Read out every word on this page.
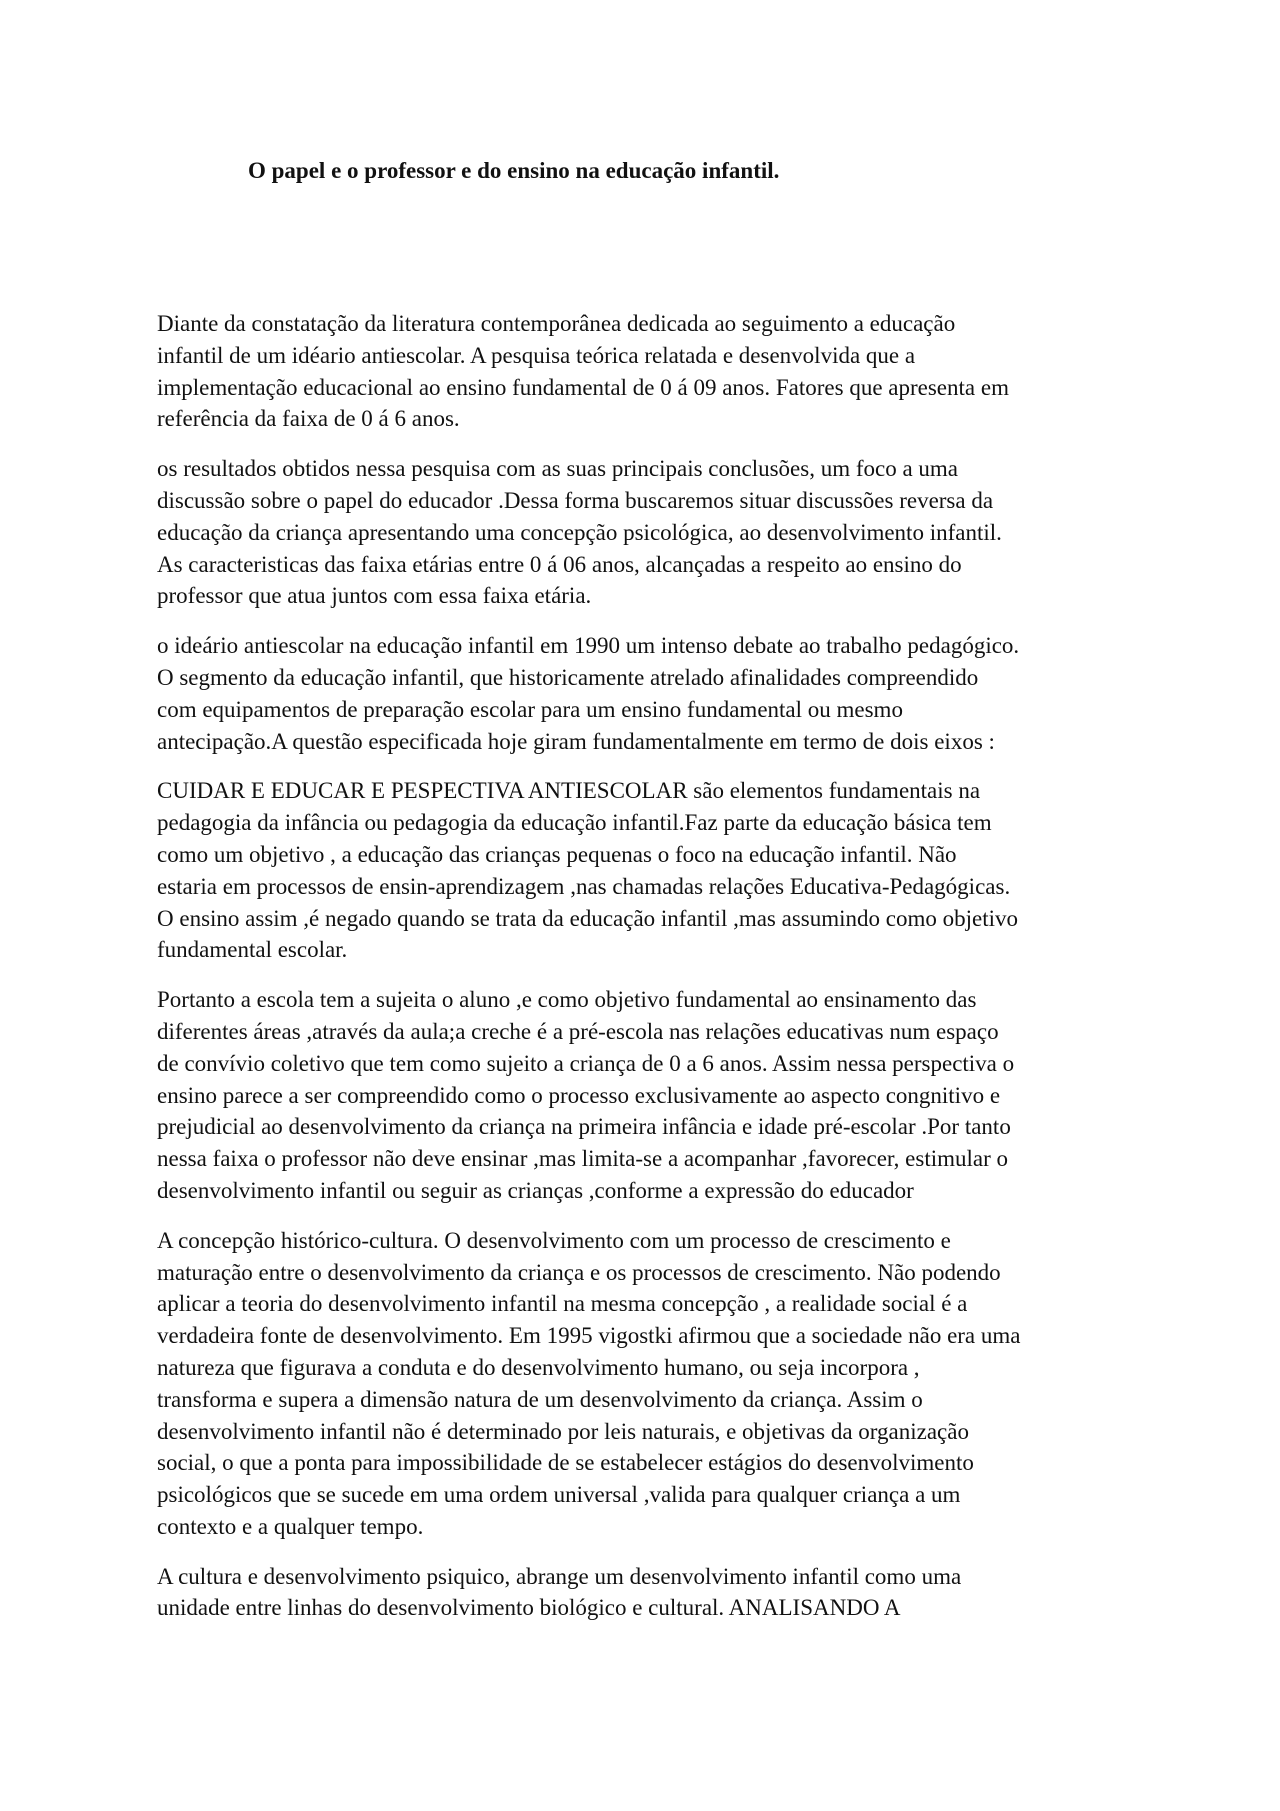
O papel e o professor e do ensino na educação infantil.

Diante da constatação da literatura contemporânea dedicada ao seguimento a educação
infantil de um idéario antiescolar. A pesquisa teórica relatada e desenvolvida que a
implementação educacional ao ensino fundamental de 0 á 09 anos. Fatores que apresenta em
referência da faixa de 0 á 6 anos.

os resultados obtidos nessa pesquisa com as suas principais conclusões, um foco a uma
discussão sobre o papel do educador .Dessa forma buscaremos situar discussões reversa da
educação da criança apresentando uma concepção psicológica, ao desenvolvimento infantil.
As caracteristicas das faixa etárias entre 0 á 06 anos, alcançadas a respeito ao ensino do
professor que atua juntos com essa faixa etária.

o ideário antiescolar na educação infantil em 1990 um intenso debate ao trabalho pedagógico.
O segmento da educação infantil, que historicamente atrelado afinalidades compreendido
com equipamentos de preparação escolar para um ensino fundamental ou mesmo
antecipação.A questão especificada hoje giram fundamentalmente em termo de dois eixos :

CUIDAR E EDUCAR E PESPECTIVA ANTIESCOLAR são elementos fundamentais na
pedagogia da infância ou pedagogia da educação infantil.Faz parte da educação básica tem
como um objetivo , a educação das crianças pequenas o foco na educação infantil. Não
estaria em processos de ensin-aprendizagem ,nas chamadas relações Educativa-Pedagógicas.
O ensino assim ,é negado quando se trata da educação infantil ,mas assumindo como objetivo
fundamental escolar.

Portanto a escola tem a sujeita o aluno ,e como objetivo fundamental ao ensinamento das
diferentes áreas ,através da aula;a creche é a pré-escola nas relações educativas num espaço
de convívio coletivo que tem como sujeito a criança de 0 a 6 anos. Assim nessa perspectiva o
ensino parece a ser compreendido como o processo exclusivamente ao aspecto congnitivo e
prejudicial ao desenvolvimento da criança na primeira infância e idade pré-escolar .Por tanto
nessa faixa o professor não deve ensinar ,mas limita-se a acompanhar ,favorecer, estimular o
desenvolvimento infantil ou seguir as crianças ,conforme a expressão do educador

A concepção histórico-cultura. O desenvolvimento com um processo de crescimento e
maturação entre o desenvolvimento da criança e os processos de crescimento. Não podendo
aplicar a teoria do desenvolvimento infantil na mesma concepção , a realidade social é a
verdadeira fonte de desenvolvimento. Em 1995 vigostki afirmou que a sociedade não era uma
natureza que figurava a conduta e do desenvolvimento humano, ou seja incorpora ,
transforma e supera a dimensão natura de um desenvolvimento da criança. Assim o
desenvolvimento infantil não é determinado por leis naturais, e objetivas da organização
social, o que a ponta para impossibilidade de se estabelecer estágios do desenvolvimento
psicológicos que se sucede em uma ordem universal ,valida para qualquer criança a um
contexto e a qualquer tempo.

A cultura e desenvolvimento psiquico, abrange um desenvolvimento infantil como uma
unidade entre linhas do desenvolvimento biológico e cultural. ANALISANDO A
